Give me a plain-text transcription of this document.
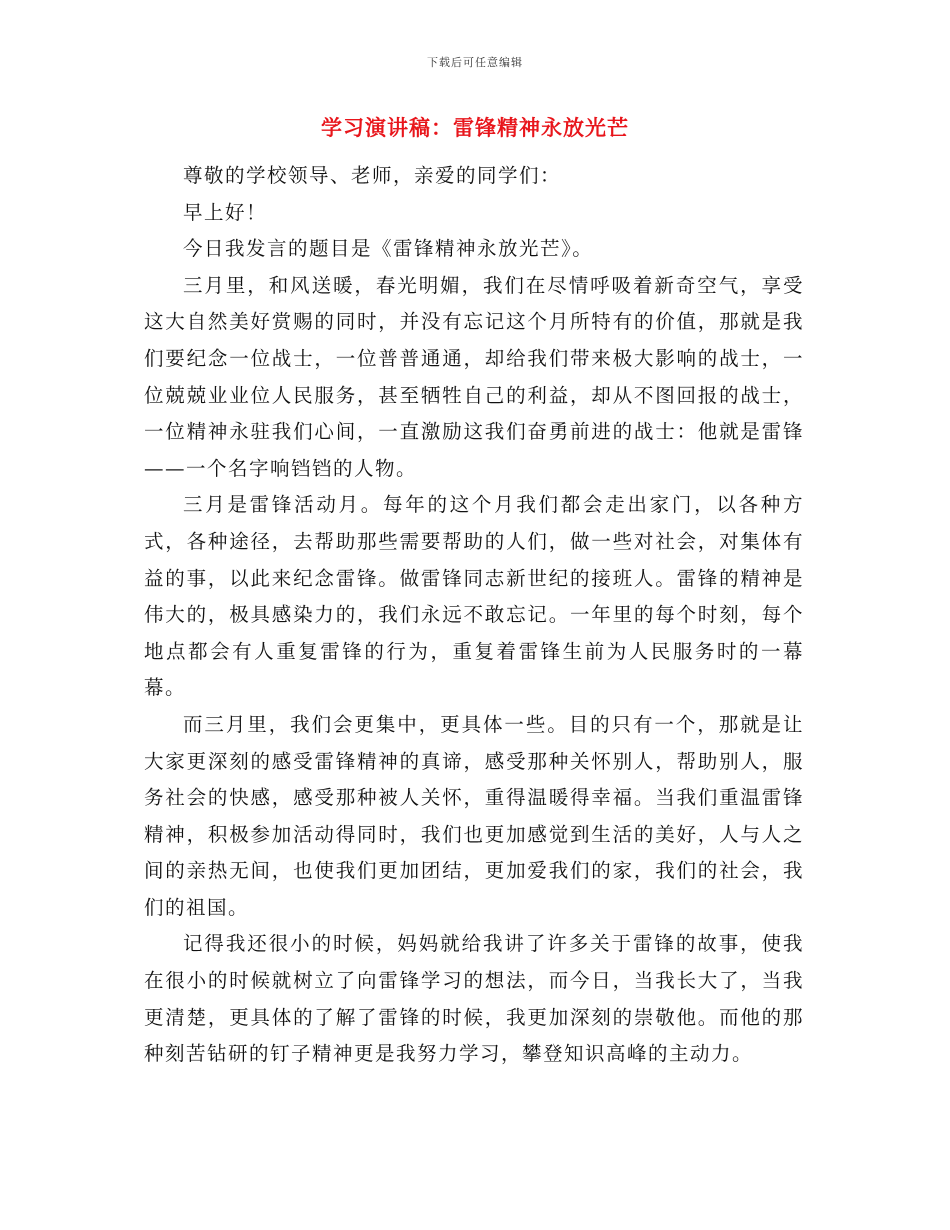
下载后可任意编辑
学习演讲稿：雷锋精神永放光芒

尊敬的学校领导、老师，亲爱的同学们：

早上好！

今日我发言的题目是《雷锋精神永放光芒》。

三月里，和风送暖，春光明媚，我们在尽情呼吸着新奇空气，享受这大自然美好赏赐的同时，并没有忘记这个月所特有的价值，那就是我们要纪念一位战士，一位普普通通，却给我们带来极大影响的战士，一位兢兢业业位人民服务，甚至牺牲自己的利益，却从不图回报的战士，一位精神永驻我们心间，一直激励这我们奋勇前进的战士：他就是雷锋——一个名字响铛铛的人物。

三月是雷锋活动月。每年的这个月我们都会走出家门，以各种方式，各种途径，去帮助那些需要帮助的人们，做一些对社会，对集体有益的事，以此来纪念雷锋。做雷锋同志新世纪的接班人。雷锋的精神是伟大的，极具感染力的，我们永远不敢忘记。一年里的每个时刻，每个地点都会有人重复雷锋的行为，重复着雷锋生前为人民服务时的一幕幕。

而三月里，我们会更集中，更具体一些。目的只有一个，那就是让大家更深刻的感受雷锋精神的真谛，感受那种关怀别人，帮助别人，服务社会的快感，感受那种被人关怀，重得温暖得幸福。当我们重温雷锋精神，积极参加活动得同时，我们也更加感觉到生活的美好，人与人之间的亲热无间，也使我们更加团结，更加爱我们的家，我们的社会，我们的祖国。

记得我还很小的时候，妈妈就给我讲了许多关于雷锋的故事，使我在很小的时候就树立了向雷锋学习的想法，而今日，当我长大了，当我更清楚，更具体的了解了雷锋的时候，我更加深刻的崇敬他。而他的那种刻苦钻研的钉子精神更是我努力学习，攀登知识高峰的主动力。
